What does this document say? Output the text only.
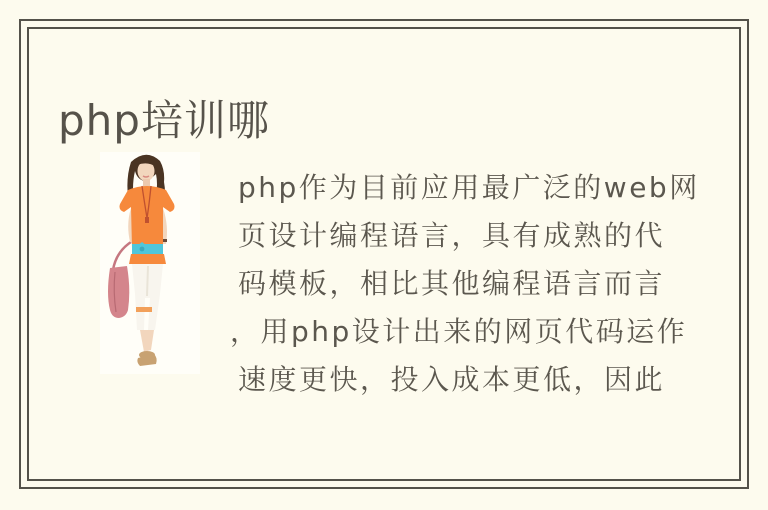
php培训哪
php作为目前应用最广泛的web网
页设计编程语言，具有成熟的代
码模板，相比其他编程语言而言
，用php设计出来的网页代码运作
速度更快，投入成本更低，因此
